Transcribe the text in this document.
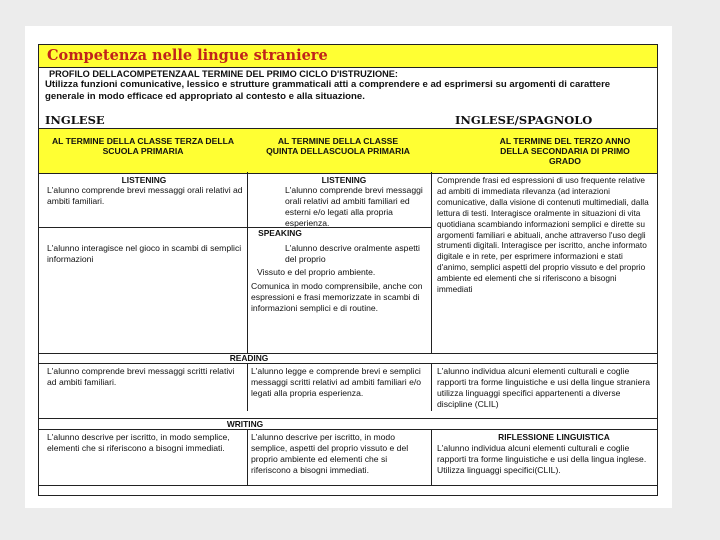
Competenza nelle lingue straniere
PROFILO DELLACOMPETENZAAL TERMINE DEL PRIMO CICLO D'ISTRUZIONE:
Utilizza funzioni comunicative, lessico e strutture grammaticali atti a comprendere e ad esprimersi su argomenti di carattere generale in modo efficace ed appropriato al contesto e alla situazione.
INGLESE	INGLESE/SPAGNOLO
AL TERMINE DELLA CLASSE TERZA DELLA SCUOLA PRIMARIA
AL TERMINE DELLA CLASSE QUINTA DELLASCUOLA PRIMARIA
AL TERMINE DEL TERZO ANNO DELLA SECONDARIA DI PRIMO GRADO
LISTENING	LISTENING
L'alunno comprende brevi messaggi orali relativi ad ambiti familiari.
L'alunno comprende brevi messaggi orali relativi ad ambiti familiari ed esterni e/o legati alla propria esperienza.
SPEAKING
L'alunno interagisce nel gioco in scambi di semplici informazioni
L'alunno descrive oralmente aspetti del proprio
Vissuto e del proprio ambiente.
Comunica in modo comprensibile, anche con espressioni e frasi memorizzate in scambi di informazioni semplici e di routine.
Comprende frasi ed espressioni di uso frequente relative ad ambiti di immediata rilevanza (ad interazioni comunicative, dalla visione di contenuti multimediali, dalla lettura di testi. Interagisce oralmente in situazioni di vita quotidiana scambiando informazioni semplici e dirette su argomenti familiari e abituali, anche attraverso l'uso degli strumenti digitali. Interagisce per iscritto, anche informato digitale e in rete, per esprimere informazioni e stati d'animo, semplici aspetti del proprio vissuto e del proprio ambiente ed elementi che si riferiscono a bisogni immediati
READING
L'alunno comprende brevi messaggi scritti relativi ad ambiti familiari.
L'alunno legge e comprende brevi e semplici messaggi scritti relativi ad ambiti familiari e/o legati alla propria esperienza.
L'alunno individua alcuni elementi culturali e coglie rapporti tra forme linguistiche e usi della lingue straniera utilizza linguaggi specifici appartenenti a diverse discipline (CLIL)
WRITING
L'alunno descrive per iscritto, in modo semplice, elementi che si riferiscono a bisogni immediati.
L'alunno descrive per iscritto, in modo semplice, aspetti del proprio vissuto e del proprio ambiente ed elementi che si riferiscono a bisogni immediati.
RIFLESSIONE LINGUISTICA
L'alunno individua alcuni elementi culturali e coglie rapporti tra forme linguistiche e usi della lingua inglese. Utilizza linguaggi specifici(CLIL).
